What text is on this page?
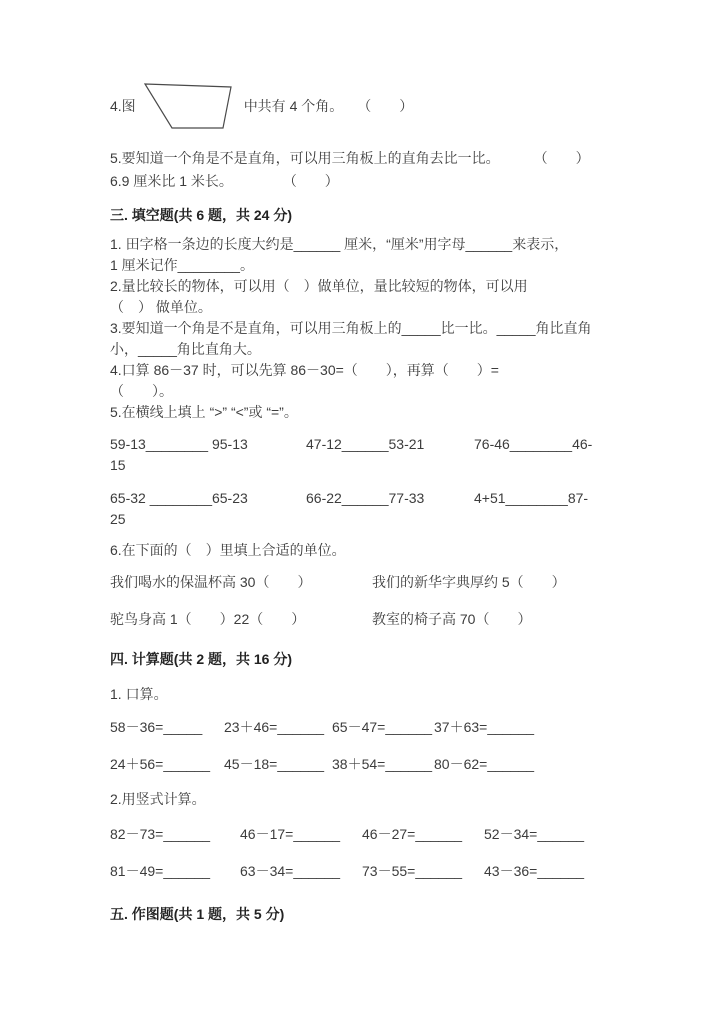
4.图	中共有 4 个角。 （　　）
5.要知道一个角是不是直角，可以用三角板上的直角去比一比。 （　　）
6.9 厘米比 1 米长。	（　　）
三. 填空题(共 6 题，共 24 分)
1. 田字格一条边的长度大约是______ 厘米，“厘米”用字母______来表示，
1 厘米记作________。
2.量比较长的物体，可以用（　）做单位，量比较短的物体，可以用
（　） 做单位。
3.要知道一个角是不是直角，可以用三角板上的_____比一比。_____角比直角
小，_____角比直角大。
4.口算 86－37 时，可以先算 86－30=（　　），再算（　　）=
（　　）。
5.在横线上填上 “>” “<”或 “=”。
59-13________ 95-13	47-12______53-21	76-46________46-
15
65-32 ________65-23	66-22______77-33	4+51________87-
25
6.在下面的（　）里填上合适的单位。
我们喝水的保温杯高 30（　　）	我们的新华字典厚约 5（　　）
驼鸟身高 1（　　）22（　　）	教室的椅子高 70（　　）
四. 计算题(共 2 题，共 16 分)
1. 口算。
58－36=_____	23＋46=______ 65－47=______ 37＋63=______
24＋56=______ 45－18=______ 38＋54=______ 80－62=______
2.用竖式计算。
82－73=______	46－17=______	46－27=______	52－34=______
81－49=______	63－34=______	73－55=______	43－36=______
五. 作图题(共 1 题，共 5 分)
